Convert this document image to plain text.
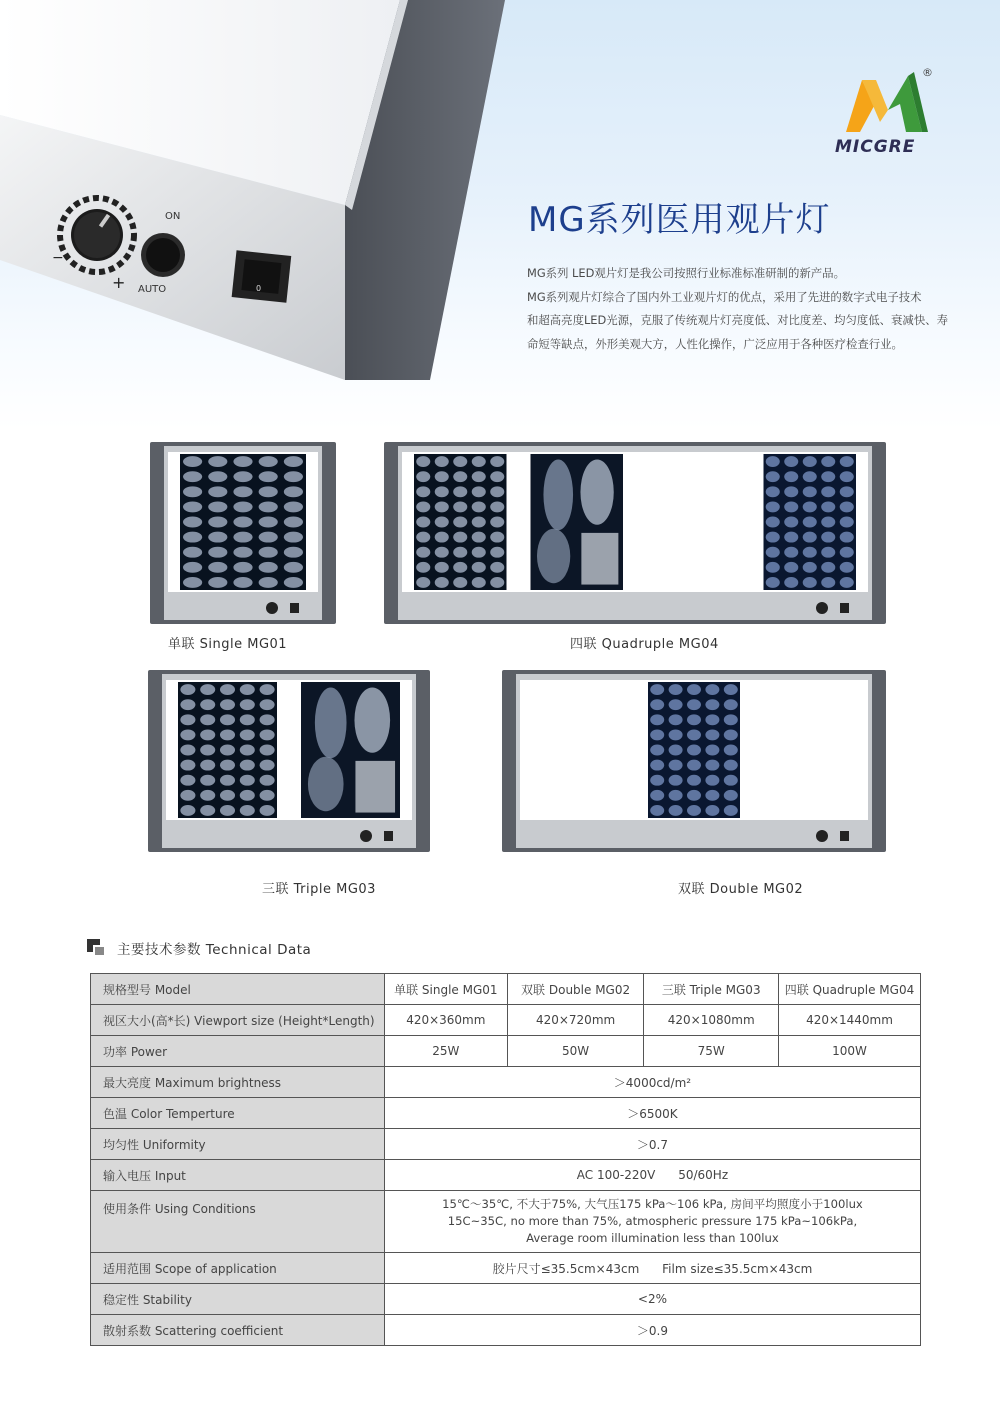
−
+
ON
AUTO	0
®
MICGRE
MG系列医用观片灯

MG系列 LED观片灯是我公司按照行业标准标准研制的新产品。

MG系列观片灯综合了国内外工业观片灯的优点，采用了先进的数字式电子技术

和超高亮度LED光源，克服了传统观片灯亮度低、对比度差、均匀度低、衰减快、寿

命短等缺点，外形美观大方，人性化操作，广泛应用于各种医疗检查行业。

单联 Single MG01	四联 Quadruple MG04
三联 Triple MG03	双联 Double MG02
主要技术参数 Technical Data
规格型号 Model	单联 Single MG01	双联 Double MG02	三联 Triple MG03	四联 Quadruple MG04
视区大小(高*长) Viewport size (Height*Length)	420×360mm	420×720mm	420×1080mm	420×1440mm
功率 Power	25W	50W	75W	100W
最大亮度 Maximum brightness	＞4000cd/m²			
色温 Color Temperture	＞6500K			
均匀性 Uniformity	＞0.7			
输入电压 Input	AC 100-220V      50/60Hz			
使用条件 Using Conditions	15℃～35℃, 不大于75%, 大气压175 kPa～106 kPa, 房间平均照度小于100lux
15C~35C, no more than 75%, atmospheric pressure 175 kPa~106kPa,
Average room illumination less than 100lux			

适用范围 Scope of application	胶片尺寸≤35.5cm×43cm      Film size≤35.5cm×43cm			
稳定性 Stability	<2%			
散射系数 Scattering coefficient	＞0.9			
